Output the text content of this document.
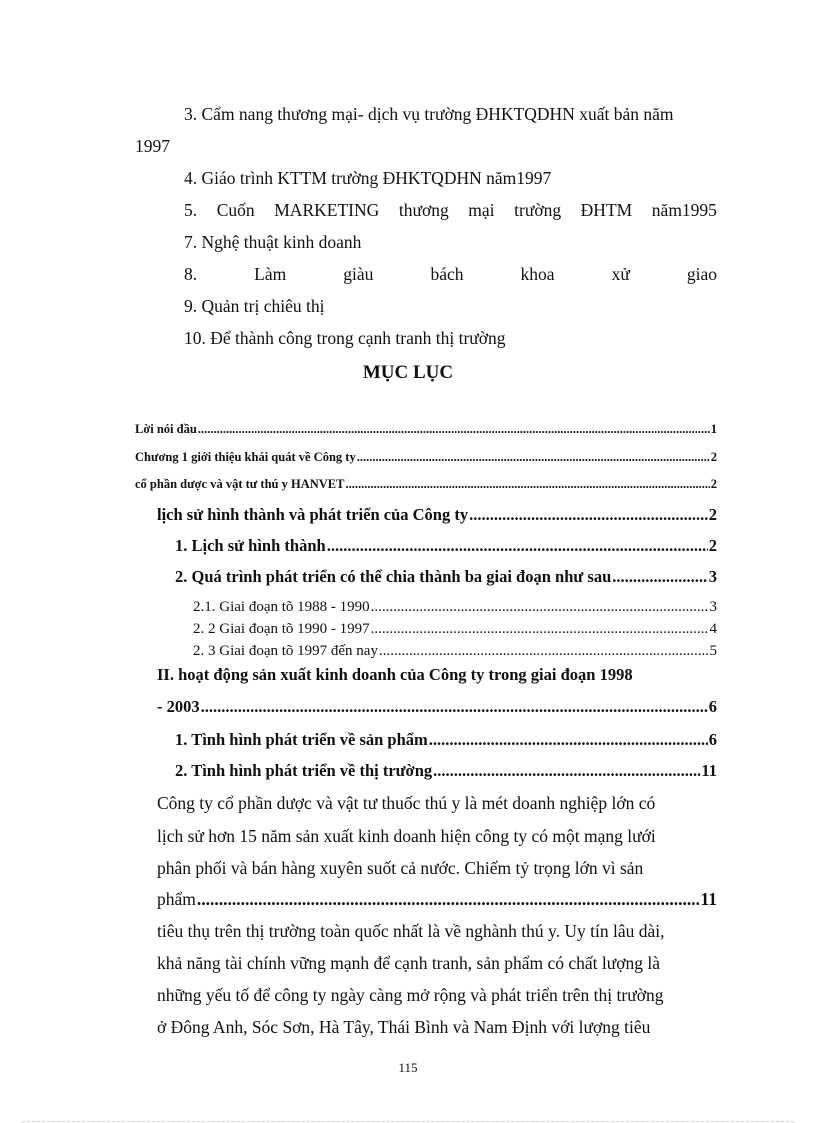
3. Cẩm nang thương mại- dịch vụ trường ĐHKTQDHN xuất bản năm
1997
4. Giáo trình KTTM trường ĐHKTQDHN năm1997
5. Cuốn MARKETING thương mại trường ĐHTM năm1995
7. Nghệ thuật kinh doanh
8.	Làm	giàu	bách	khoa	xử	giao
9. Quản trị chiêu thị
10. Để thành công trong cạnh tranh thị trường
MỤC LỤC
Lời nói đầu .....	1
Chương 1 giới thiệu khái quát về Công ty .....	2
cổ phần dược và vật tư thú y HANVET .....	2
lịch sử hình thành và phát triển của Công ty .....	2
1. Lịch sử hình thành .....	2
2. Quá trình phát triển có thể chia thành ba giai đoạn như sau .....	3
2.1. Giai đoạn tõ 1988 - 1990 .....	3
2. 2 Giai đoạn tõ 1990 - 1997 .....	4
2. 3 Giai đoạn tõ 1997 đến nay .....	5
II. hoạt động sản xuất kinh doanh của Công ty trong giai đoạn 1998
- 2003 .....	6
1. Tình hình phát triển về sản phẩm .....	6
2. Tình hình phát triển về thị trường .....	11
Công ty cổ phần dược và vật tư thuốc thú y là mét doanh nghiệp lớn có
lịch sử hơn 15 năm sản xuất kinh doanh hiện công ty có một mạng lưới
phân phối và bán hàng xuyên suốt cả nước. Chiếm tỷ trọng lớn vì sản
phẩm .....	11
tiêu thụ trên thị trường toàn quốc nhất là về nghành thú y. Uy tín lâu dài,
khả năng tài chính vững mạnh để cạnh tranh, sản phẩm có chất lượng là
những yếu tố để công ty ngày càng mở rộng và phát triển trên thị trường
ở Đông Anh, Sóc Sơn, Hà Tây, Thái Bình và Nam Định với lượng tiêu
115
